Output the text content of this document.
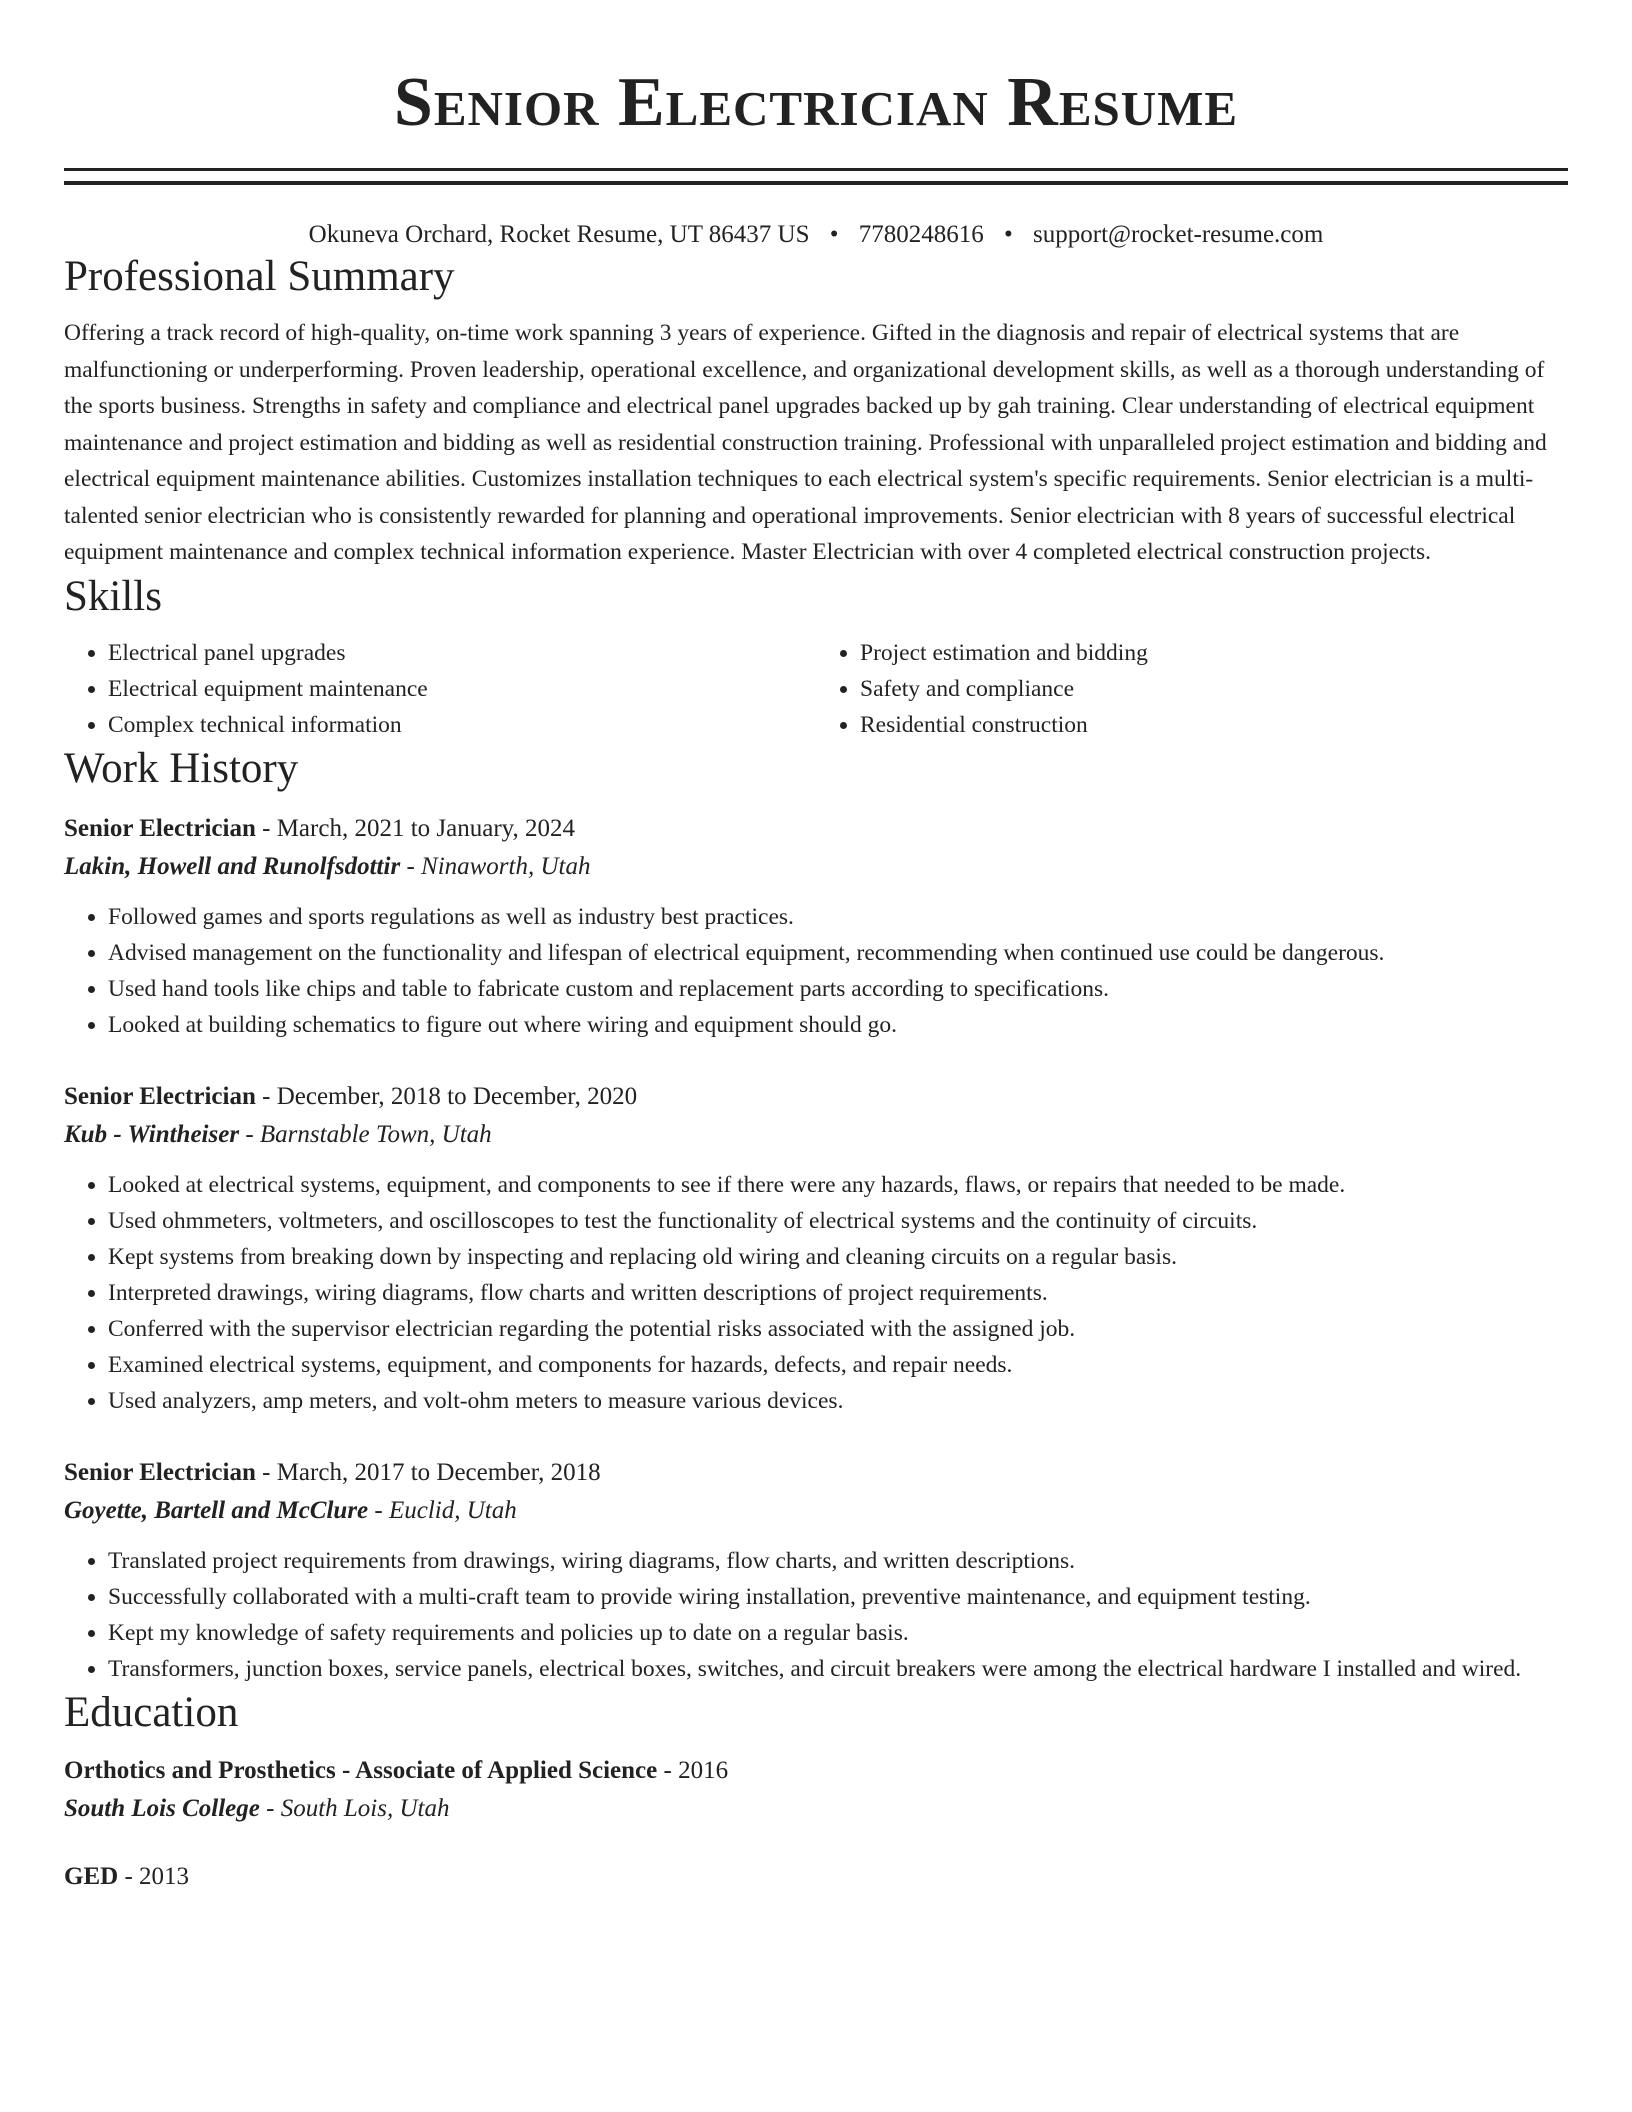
Senior Electrician Resume
Okuneva Orchard, Rocket Resume, UT 86437 US • 7780248616 • support@rocket-resume.com
Professional Summary

Offering a track record of high-quality, on-time work spanning 3 years of experience. Gifted in the diagnosis and repair of electrical systems that are malfunctioning or underperforming. Proven leadership, operational excellence, and organizational development skills, as well as a thorough understanding of the sports business. Strengths in safety and compliance and electrical panel upgrades backed up by gah training. Clear understanding of electrical equipment maintenance and project estimation and bidding as well as residential construction training. Professional with unparalleled project estimation and bidding and electrical equipment maintenance abilities. Customizes installation techniques to each electrical system's specific requirements. Senior electrician is a multi-talented senior electrician who is consistently rewarded for planning and operational improvements. Senior electrician with 8 years of successful electrical equipment maintenance and complex technical information experience. Master Electrician with over 4 completed electrical construction projects.

Skills
• Electrical panel upgrades
• Electrical equipment maintenance
• Complex technical information
• Project estimation and bidding
• Safety and compliance
• Residential construction
Work History
Senior Electrician - March, 2021 to January, 2024
Lakin, Howell and Runolfsdottir - Ninaworth, Utah
• Followed games and sports regulations as well as industry best practices.
• Advised management on the functionality and lifespan of electrical equipment, recommending when continued use could be dangerous.
• Used hand tools like chips and table to fabricate custom and replacement parts according to specifications.
• Looked at building schematics to figure out where wiring and equipment should go.
Senior Electrician - December, 2018 to December, 2020
Kub - Wintheiser - Barnstable Town, Utah
• Looked at electrical systems, equipment, and components to see if there were any hazards, flaws, or repairs that needed to be made.
• Used ohmmeters, voltmeters, and oscilloscopes to test the functionality of electrical systems and the continuity of circuits.
• Kept systems from breaking down by inspecting and replacing old wiring and cleaning circuits on a regular basis.
• Interpreted drawings, wiring diagrams, flow charts and written descriptions of project requirements.
• Conferred with the supervisor electrician regarding the potential risks associated with the assigned job.
• Examined electrical systems, equipment, and components for hazards, defects, and repair needs.
• Used analyzers, amp meters, and volt-ohm meters to measure various devices.
Senior Electrician - March, 2017 to December, 2018
Goyette, Bartell and McClure - Euclid, Utah
• Translated project requirements from drawings, wiring diagrams, flow charts, and written descriptions.
• Successfully collaborated with a multi-craft team to provide wiring installation, preventive maintenance, and equipment testing.
• Kept my knowledge of safety requirements and policies up to date on a regular basis.
• Transformers, junction boxes, service panels, electrical boxes, switches, and circuit breakers were among the electrical hardware I installed and wired.
Education
Orthotics and Prosthetics - Associate of Applied Science - 2016
South Lois College - South Lois, Utah
GED - 2013
